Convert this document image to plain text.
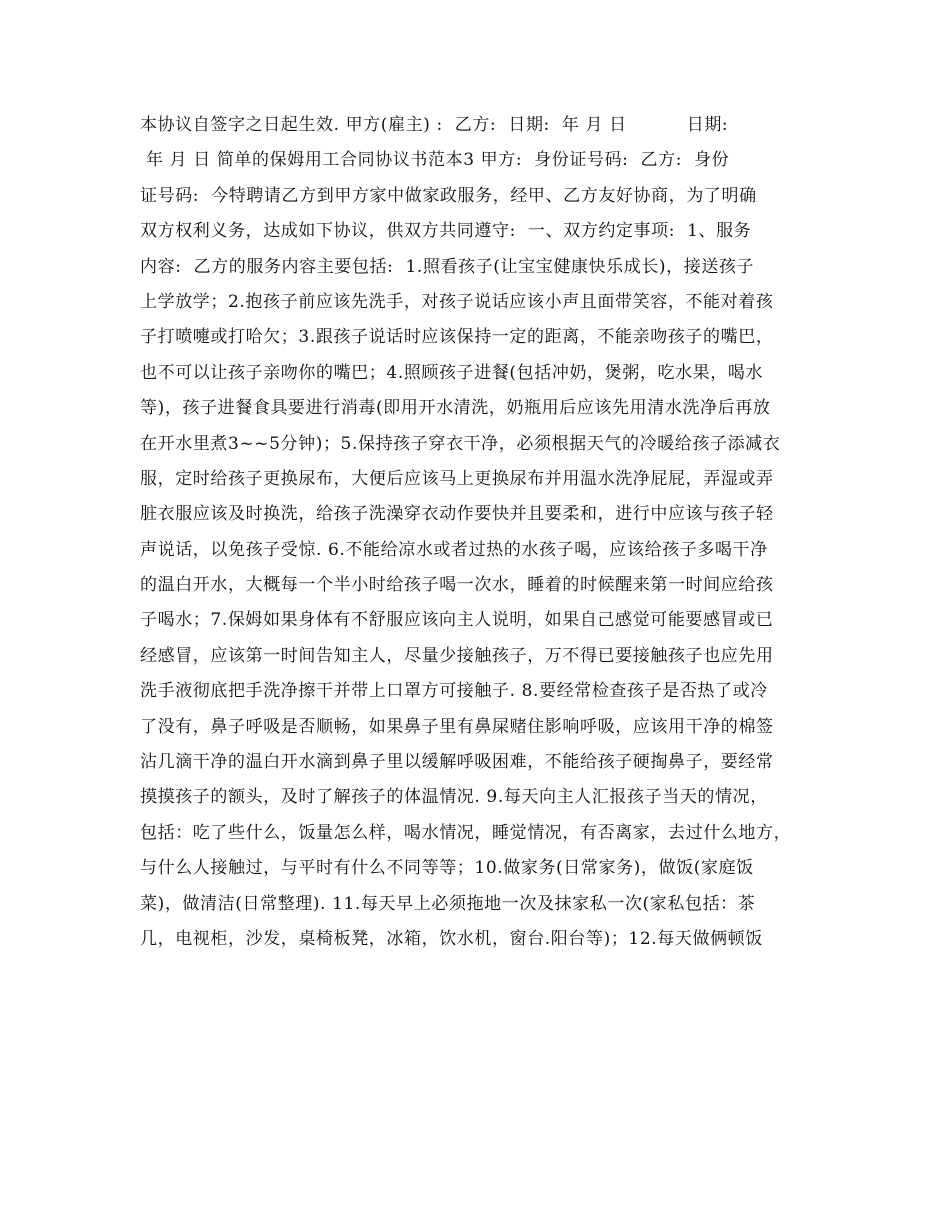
本协议自签字之日起生效. 甲方(雇主) :  乙方:  日期:  年 月 日          日期:
年 月 日 简单的保姆用工合同协议书范本3 甲方:  身份证号码:  乙方:  身份
证号码:  今特聘请乙方到甲方家中做家政服务，经甲、乙方友好协商，为了明确
双方权利义务，达成如下协议，供双方共同遵守:  一、双方约定事项:  1、服务
内容:  乙方的服务内容主要包括:  1.照看孩子(让宝宝健康快乐成长)，接送孩子
上学放学；2.抱孩子前应该先洗手，对孩子说话应该小声且面带笑容，不能对着孩
子打喷嚏或打哈欠；3.跟孩子说话时应该保持一定的距离，不能亲吻孩子的嘴巴，
也不可以让孩子亲吻你的嘴巴；4.照顾孩子进餐(包括冲奶，煲粥，吃水果，喝水
等)，孩子进餐食具要进行消毒(即用开水清洗，奶瓶用后应该先用清水洗净后再放
在开水里煮3~~5分钟)；5.保持孩子穿衣干净，必须根据天气的冷暖给孩子添减衣
服，定时给孩子更换尿布，大便后应该马上更换尿布并用温水洗净屁屁，弄湿或弄
脏衣服应该及时换洗，给孩子洗澡穿衣动作要快并且要柔和，进行中应该与孩子轻
声说话，以免孩子受惊. 6.不能给凉水或者过热的水孩子喝，应该给孩子多喝干净
的温白开水，大概每一个半小时给孩子喝一次水，睡着的时候醒来第一时间应给孩
子喝水；7.保姆如果身体有不舒服应该向主人说明，如果自己感觉可能要感冒或已
经感冒，应该第一时间告知主人，尽量少接触孩子，万不得已要接触孩子也应先用
洗手液彻底把手洗净擦干并带上口罩方可接触子. 8.要经常检查孩子是否热了或冷
了没有，鼻子呼吸是否顺畅，如果鼻子里有鼻屎赌住影响呼吸，应该用干净的棉签
沾几滴干净的温白开水滴到鼻子里以缓解呼吸困难，不能给孩子硬掏鼻子，要经常
摸摸孩子的额头，及时了解孩子的体温情况. 9.每天向主人汇报孩子当天的情况，
包括：吃了些什么，饭量怎么样，喝水情况，睡觉情况，有否离家，去过什么地方，
与什么人接触过，与平时有什么不同等等；10.做家务(日常家务)，做饭(家庭饭
菜)，做清洁(日常整理). 11.每天早上必须拖地一次及抹家私一次(家私包括：茶
几，电视柜，沙发，桌椅板凳，冰箱，饮水机，窗台.阳台等)；12.每天做俩顿饭
